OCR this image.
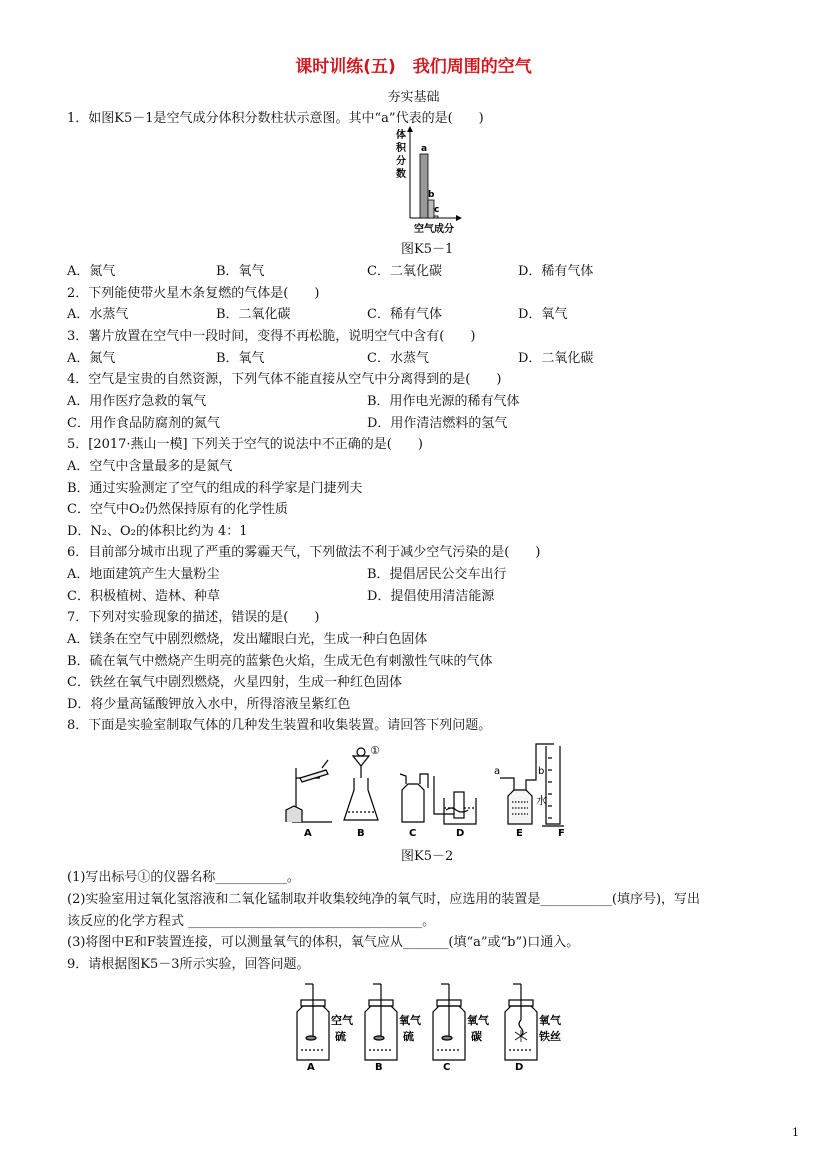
课时训练(五)　我们周围的空气
夯实基础
1．如图K5－1是空气成分体积分数柱状示意图。其中“a”代表的是(　　)
体
积
分
数
a
b
c
空气成分
图K5－1
A．氮气	B．氧气	C．二氧化碳	D．稀有气体
2．下列能使带火星木条复燃的气体是(　　)
A．水蒸气	B．二氧化碳	C．稀有气体	D．氧气
3．薯片放置在空气中一段时间，变得不再松脆，说明空气中含有(　　)
A．氮气	B．氧气	C．水蒸气	D．二氧化碳
4．空气是宝贵的自然资源，下列气体不能直接从空气中分离得到的是(　　)
A．用作医疗急救的氧气	B．用作电光源的稀有气体
C．用作食品防腐剂的氮气	D．用作清洁燃料的氢气
5．[2017·燕山一模] 下列关于空气的说法中不正确的是(　　)
A．空气中含量最多的是氮气
B．通过实验测定了空气的组成的科学家是门捷列夫
C．空气中O₂仍然保持原有的化学性质
D．N₂、O₂的体积比约为 4：1
6．目前部分城市出现了严重的雾霾天气，下列做法不利于减少空气污染的是(　　)
A．地面建筑产生大量粉尘	B．提倡居民公交车出行
C．积极植树、造林、种草	D．提倡使用清洁能源
7．下列对实验现象的描述，错误的是(　　)
A．镁条在空气中剧烈燃烧，发出耀眼白光，生成一种白色固体
B．硫在氧气中燃烧产生明亮的蓝紫色火焰，生成无色有刺激性气味的气体
C．铁丝在氧气中剧烈燃烧，火星四射，生成一种红色固体
D．将少量高锰酸钾放入水中，所得溶液呈紫红色
8．下面是实验室制取气体的几种发生装置和收集装置。请回答下列问题。
①
a	b
水
A	B	C	D	E	F
图K5－2
(1)写出标号①的仪器名称___________。
(2)实验室用过氧化氢溶液和二氧化锰制取并收集较纯净的氧气时，应选用的装置是___________(填序号)，写出
该反应的化学方程式 ____________________________________。
(3)将图中E和F装置连接，可以测量氧气的体积，氧气应从_______(填“a”或“b”)口通入。
9．请根据图K5－3所示实验，回答问题。
空气
硫
氧气
硫
氧气
碳
氧气
铁丝
A	B	C	D
1
